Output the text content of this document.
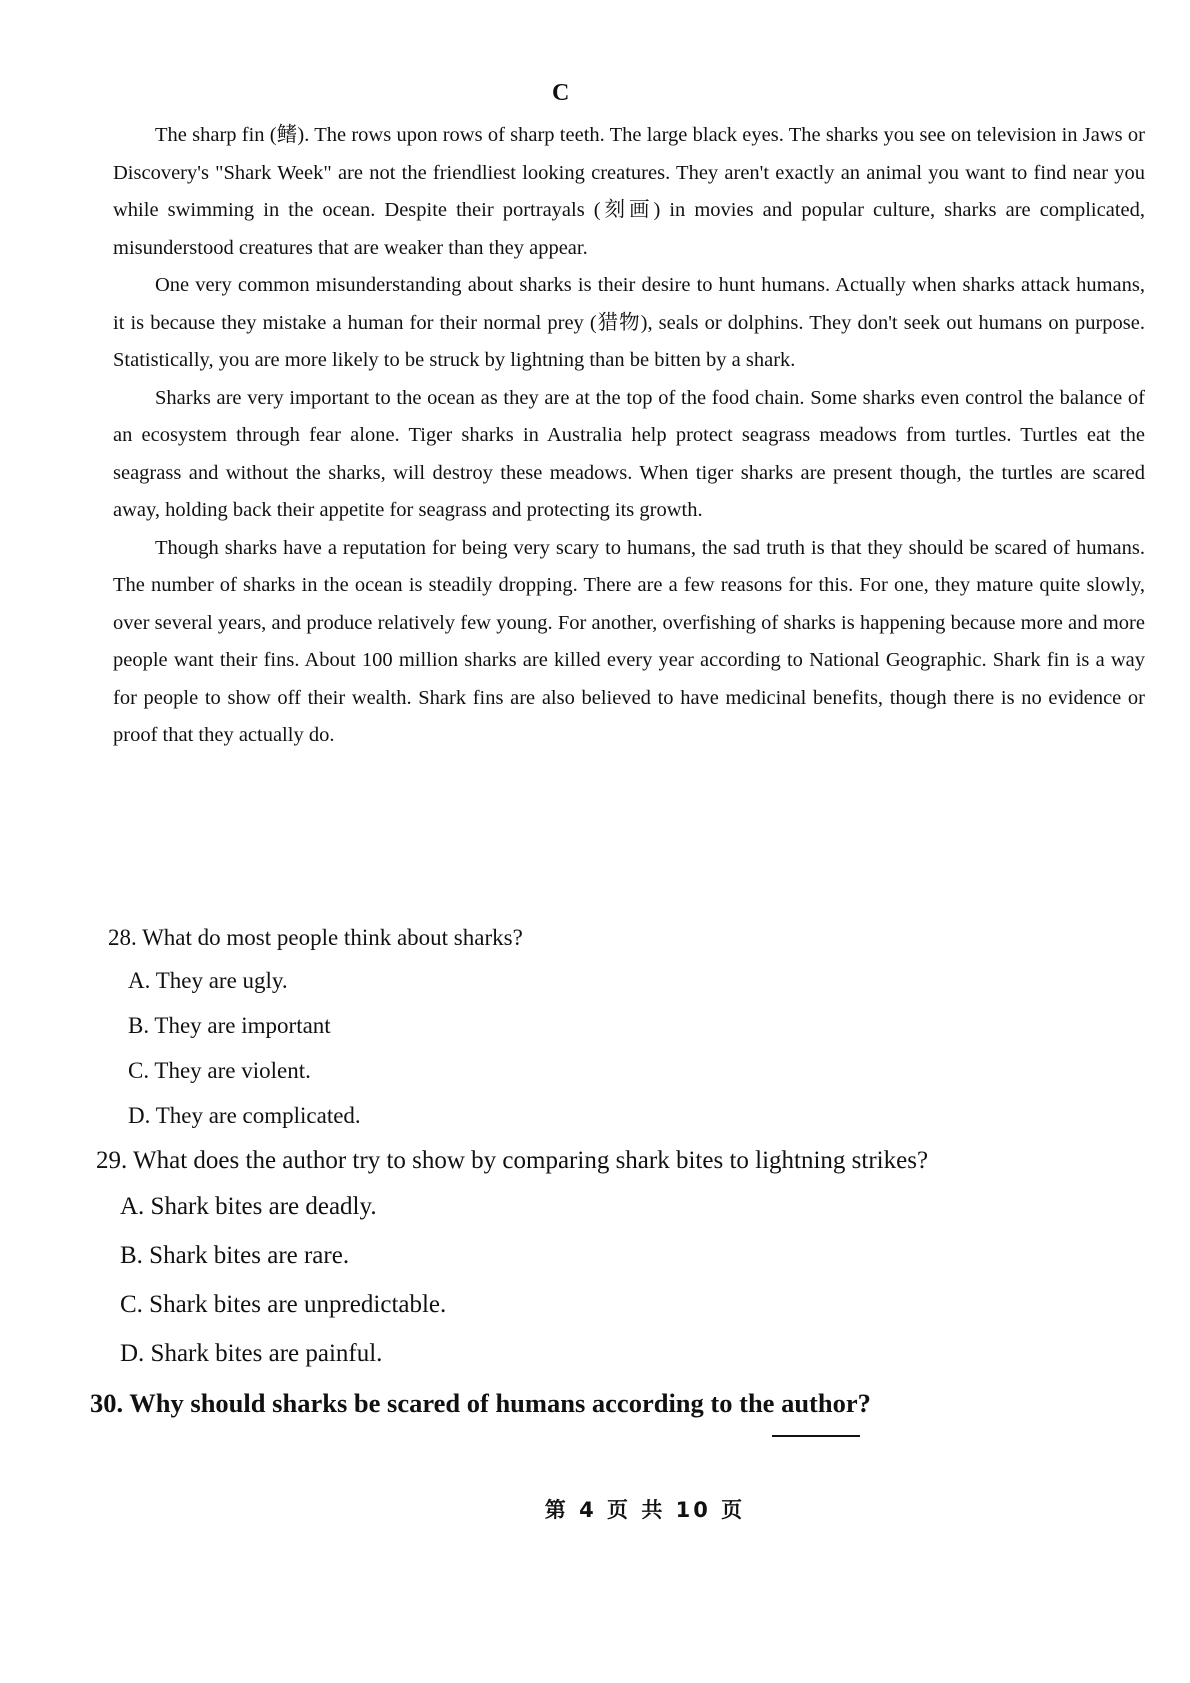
C

The sharp fin (鳍). The rows upon rows of sharp teeth. The large black eyes. The sharks you see on television in Jaws or Discovery's "Shark Week" are not the friendliest looking creatures. They aren't exactly an animal you want to find near you while swimming in the ocean. Despite their portrayals (刻画) in movies and popular culture, sharks are complicated, misunderstood creatures that are weaker than they appear.

One very common misunderstanding about sharks is their desire to hunt humans. Actually when sharks attack humans, it is because they mistake a human for their normal prey (猎物), seals or dolphins. They don't seek out humans on purpose. Statistically, you are more likely to be struck by lightning than be bitten by a shark.

Sharks are very important to the ocean as they are at the top of the food chain. Some sharks even control the balance of an ecosystem through fear alone. Tiger sharks in Australia help protect seagrass meadows from turtles. Turtles eat the seagrass and without the sharks, will destroy these meadows. When tiger sharks are present though, the turtles are scared away, holding back their appetite for seagrass and protecting its growth.

Though sharks have a reputation for being very scary to humans, the sad truth is that they should be scared of humans. The number of sharks in the ocean is steadily dropping. There are a few reasons for this. For one, they mature quite slowly, over several years, and produce relatively few young. For another, overfishing of sharks is happening because more and more people want their fins. About 100 million sharks are killed every year according to National Geographic. Shark fin is a way for people to show off their wealth. Shark fins are also believed to have medicinal benefits, though there is no evidence or proof that they actually do.

28. What do most people think about sharks?
A. They are ugly.
B. They are important
C. They are violent.
D. They are complicated.
29. What does the author try to show by comparing shark bites to lightning strikes?
A. Shark bites are deadly.
B. Shark bites are rare.
C. Shark bites are unpredictable.
D. Shark bites are painful.
30. Why should sharks be scared of humans according to the author?
第 4 页 共 10 页
